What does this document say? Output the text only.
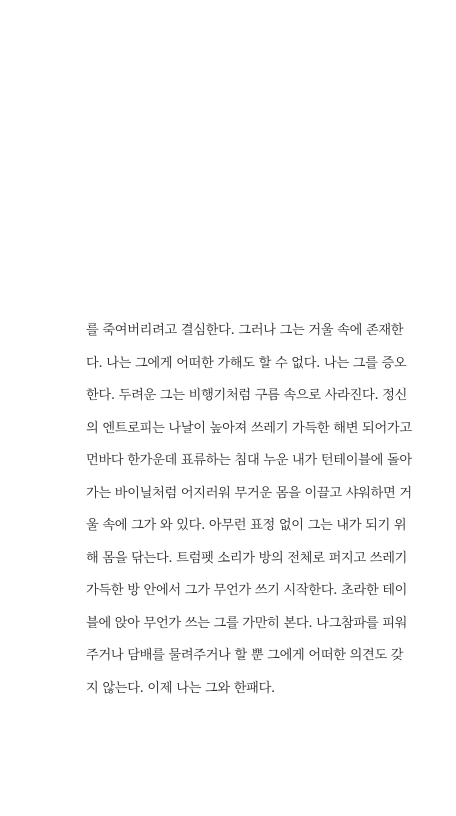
를 죽여버리려고 결심한다. 그러나 그는 거울 속에 존재한
다. 나는 그에게 어떠한 가해도 할 수 없다. 나는 그를 증오
한다. 두려운 그는 비행기처럼 구름 속으로 사라진다. 정신
의 엔트로피는 나날이 높아져 쓰레기 가득한 해변 되어가고
먼바다 한가운데 표류하는 침대 누운 내가 턴테이블에 돌아
가는 바이닐처럼 어지러워 무거운 몸을 이끌고 샤워하면 거
울 속에 그가 와 있다. 아무런 표정 없이 그는 내가 되기 위
해 몸을 닦는다. 트럼펫 소리가 방의 전체로 퍼지고 쓰레기
가득한 방 안에서 그가 무언가 쓰기 시작한다. 초라한 테이
블에 앉아 무언가 쓰는 그를 가만히 본다. 나그참파를 피워
주거나 담배를 물려주거나 할 뿐 그에게 어떠한 의견도 갖
지 않는다. 이제 나는 그와 한패다.
